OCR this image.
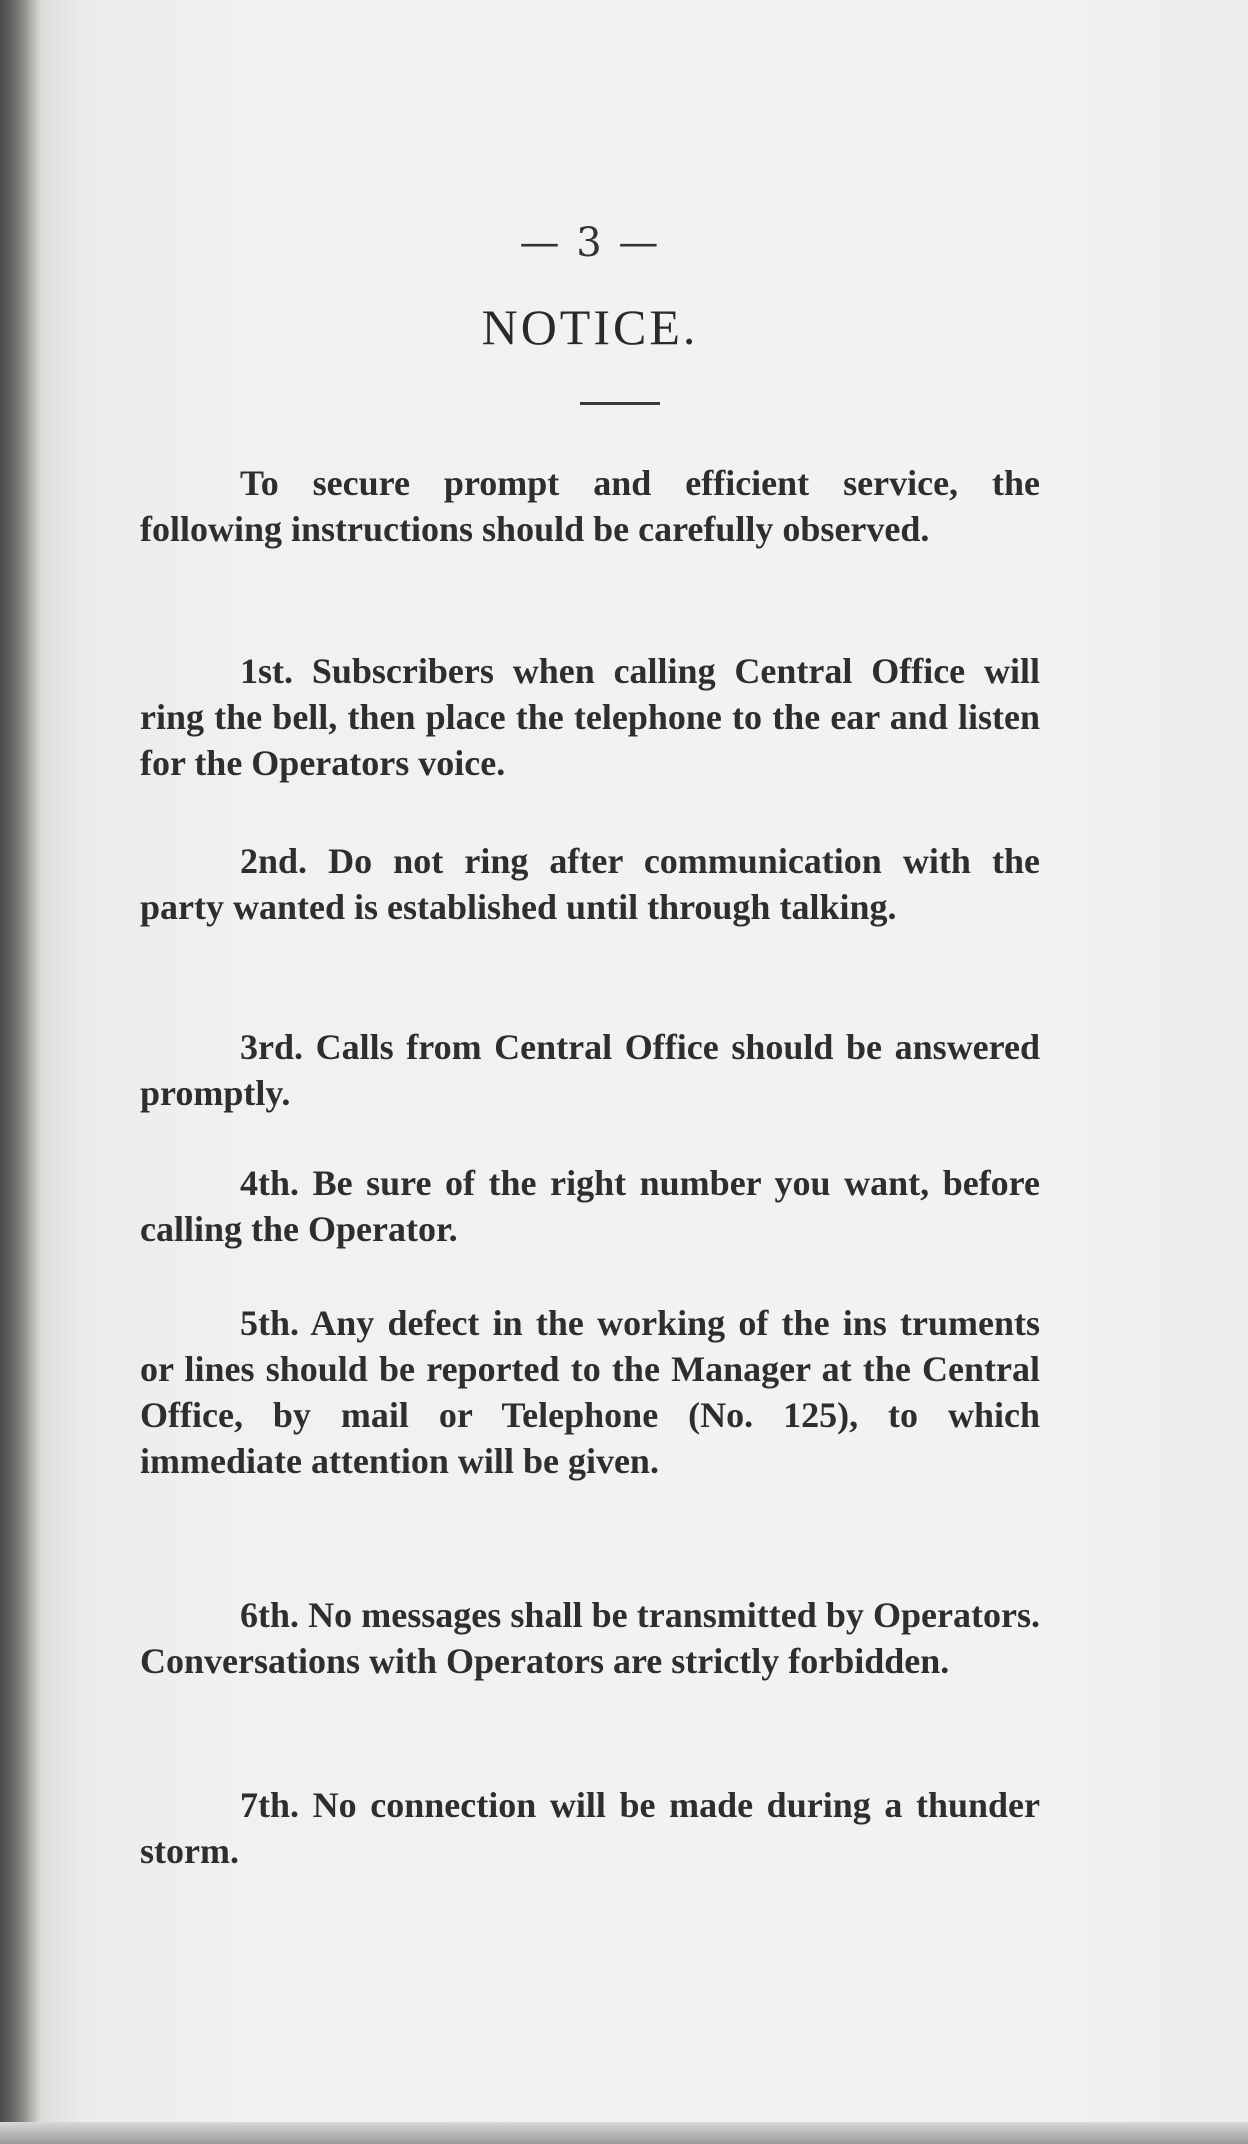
— 3 —

NOTICE.

To secure prompt and efficient service, the following instructions should be carefully observed.

1st. Subscribers when calling Central Office will ring the bell, then place the telephone to the ear and listen for the Operators voice.

2nd. Do not ring after communication with the party wanted is established until through talking.

3rd. Calls from Central Office should be answered promptly.

4th. Be sure of the right number you want, before calling the Operator.

5th. Any defect in the working of the ins truments or lines should be reported to the Manager at the Central Office, by mail or Telephone (No. 125), to which immediate attention will be given.

6th. No messages shall be transmitted by Operators. Conversations with Operators are strictly forbidden.

7th. No connection will be made during a thunder storm.
